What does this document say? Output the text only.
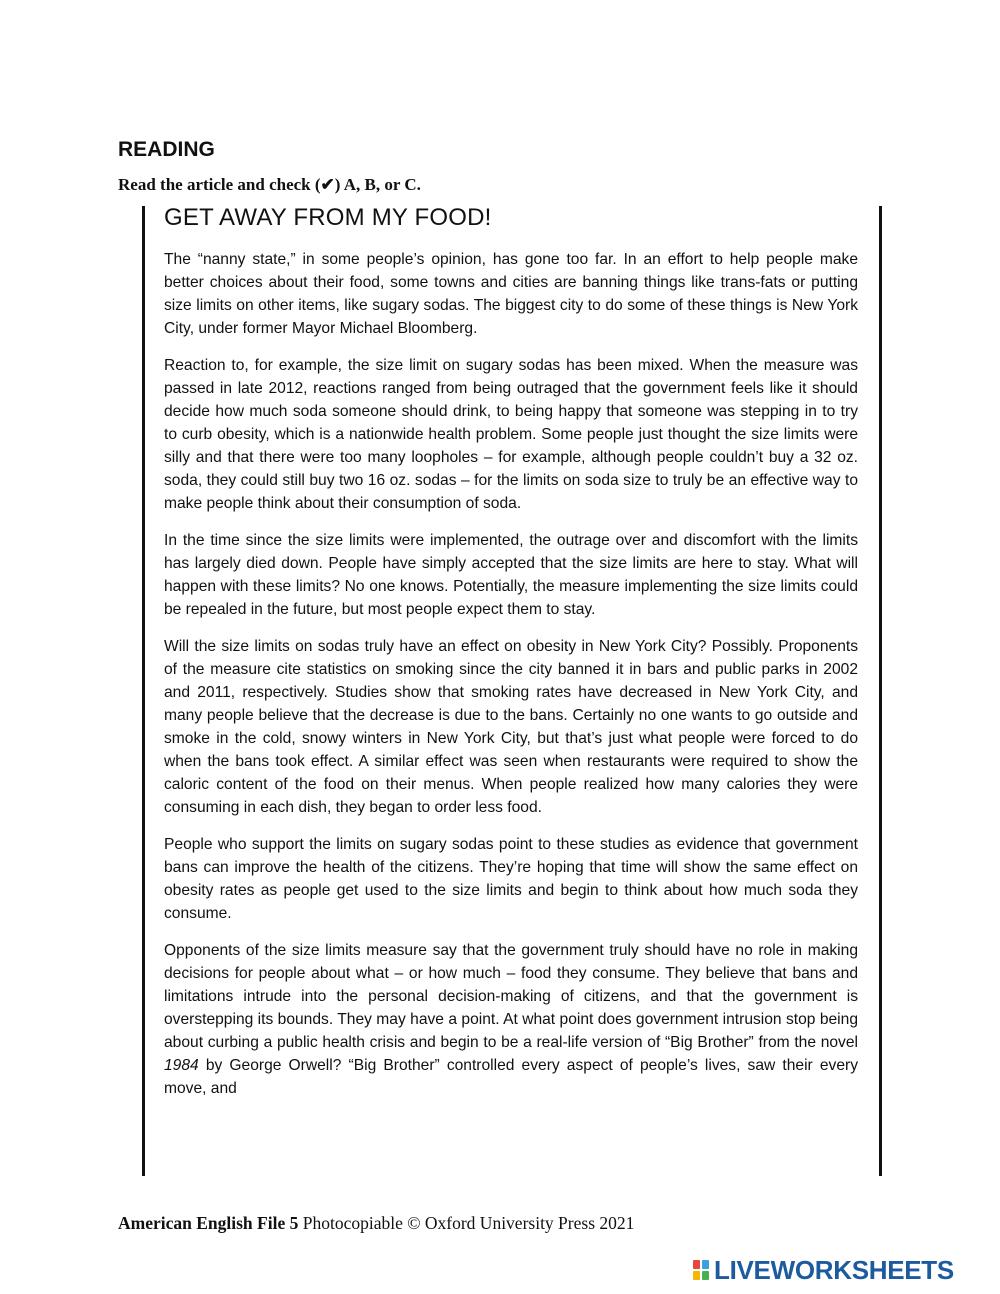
READING

Read the article and check (✔) A, B, or C.

GET AWAY FROM MY FOOD!

The “nanny state,” in some people’s opinion, has gone too far. In an effort to help people make better choices about their food, some towns and cities are banning things like trans-fats or putting size limits on other items, like sugary sodas. The biggest city to do some of these things is New York City, under former Mayor Michael Bloomberg.

Reaction to, for example, the size limit on sugary sodas has been mixed. When the measure was passed in late 2012, reactions ranged from being outraged that the government feels like it should decide how much soda someone should drink, to being happy that someone was stepping in to try to curb obesity, which is a nationwide health problem. Some people just thought the size limits were silly and that there were too many loopholes – for example, although people couldn’t buy a 32 oz. soda, they could still buy two 16 oz. sodas – for the limits on soda size to truly be an effective way to make people think about their consumption of soda.

In the time since the size limits were implemented, the outrage over and discomfort with the limits has largely died down. People have simply accepted that the size limits are here to stay. What will happen with these limits? No one knows. Potentially, the measure implementing the size limits could be repealed in the future, but most people expect them to stay.

Will the size limits on sodas truly have an effect on obesity in New York City? Possibly. Proponents of the measure cite statistics on smoking since the city banned it in bars and public parks in 2002 and 2011, respectively. Studies show that smoking rates have decreased in New York City, and many people believe that the decrease is due to the bans. Certainly no one wants to go outside and smoke in the cold, snowy winters in New York City, but that’s just what people were forced to do when the bans took effect. A similar effect was seen when restaurants were required to show the caloric content of the food on their menus. When people realized how many calories they were consuming in each dish, they began to order less food.

People who support the limits on sugary sodas point to these studies as evidence that government bans can improve the health of the citizens. They’re hoping that time will show the same effect on obesity rates as people get used to the size limits and begin to think about how much soda they consume.

Opponents of the size limits measure say that the government truly should have no role in making decisions for people about what – or how much – food they consume. They believe that bans and limitations intrude into the personal decision-making of citizens, and that the government is overstepping its bounds. They may have a point. At what point does government intrusion stop being about curbing a public health crisis and begin to be a real-life version of “Big Brother” from the novel 1984 by George Orwell? “Big Brother” controlled every aspect of people’s lives, saw their every move, and

American English File 5 Photocopiable © Oxford University Press 2021

LIVEWORKSHEETS
